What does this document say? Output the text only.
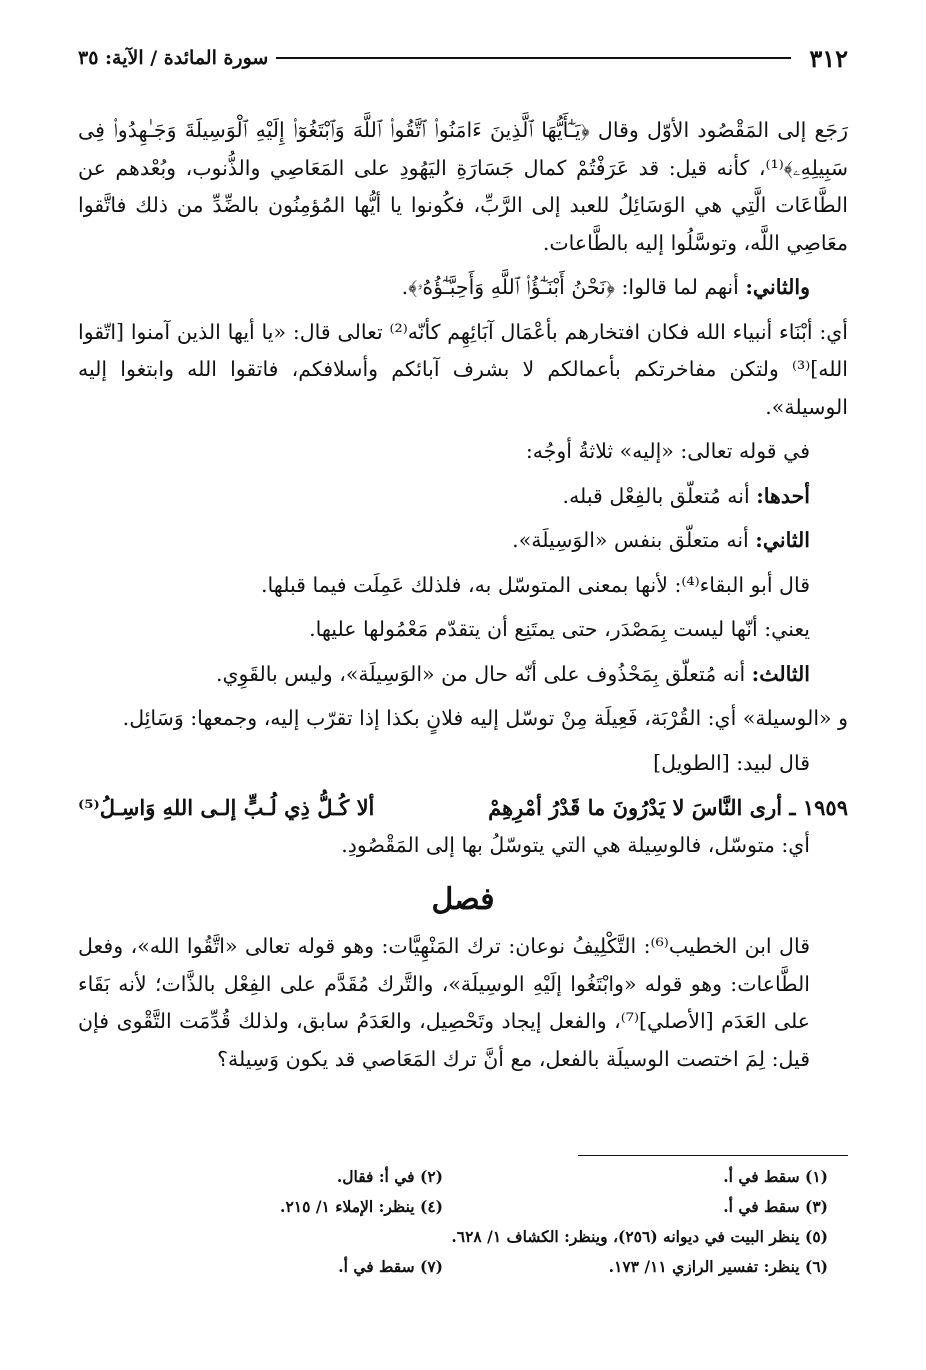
٣١٢
سورة المائدة / الآية: ٣٥

رَجَع إلى المَقْصُود الأوّل وقال ﴿يَـٰٓأَيُّهَا ٱلَّذِينَ ءَامَنُوا۟ ٱتَّقُوا۟ ٱللَّهَ وَٱبْتَغُوٓا۟ إِلَيْهِ ٱلْوَسِيلَةَ وَجَـٰهِدُوا۟ فِى سَبِيلِهِۦ﴾⁽¹⁾، كأنه قيل: قد عَرَفْتُمْ كمال جَسَارَةِ اليَهُودِ على المَعَاصِي والذُّنوب، وبُعْدهم عن الطَّاعَات الَّتِي هي الوَسَائِلُ للعبد إلى الرَّبِّ، فكُونوا يا أيُّها المُؤمِنُون بالضِّدِّ من ذلك فاتَّقوا معَاصِي اللَّه، وتوسَّلُوا إليه بالطَّاعات.

والثاني: أنهم لما قالوا: ﴿نَحْنُ أَبْنَـٰٓؤُا۟ ٱللَّهِ وَأَحِبَّـٰٓؤُهُۥ﴾.

أي: أبْنَاء أنبياء الله فكان افتخارهم بأعْمَال آبَائِهِم كأنّه⁽²⁾ تعالى قال: «يا أيها الذين آمنوا [اتّقوا الله]⁽³⁾ ولتكن مفاخرتكم بأعمالكم لا بشرف آبائكم وأسلافكم، فاتقوا الله وابتغوا إليه الوسيلة».

في قوله تعالى: «إليه» ثلاثةُ أوجُه:

أحدها: أنه مُتعلّق بالفِعْل قبله.

الثاني: أنه متعلّق بنفس «الوَسِيلَة».

قال أبو البقاء⁽⁴⁾: لأنها بمعنى المتوسّل به، فلذلك عَمِلَت فيما قبلها.

يعني: أنّها ليست بِمَصْدَر، حتى يمتَنِع أن يتقدّم مَعْمُولها عليها.

الثالث: أنه مُتعلّق بِمَحْذُوف على أنّه حال من «الوَسِيلَة»، وليس بالقَوِي.

و «الوسيلة» أي: القُرْبَة، فَعِيلَة مِنْ توسّل إليه فلانٍ بكذا إذا تقرّب إليه، وجمعها: وَسَائِل.

قال لبيد: [الطويل]

١٩٥٩ ـ أرى النَّاسَ لا يَدْرُونَ ما قَدْرُ أمْرِهِمْ
ألا كُـلُّ ذِي لُـبٍّ إلـى اللهِ وَاسِـلُ⁽⁵⁾

أي: متوسّل، فالوسِيلة هي التي يتوسّلُ بها إلى المَقْصُودِ.

فصل

قال ابن الخطيب⁽⁶⁾: التَّكْلِيفُ نوعان: ترك المَنْهِيَّات: وهو قوله تعالى «اتَّقُوا الله»، وفعل الطَّاعات: وهو قوله «وابْتَغُوا إلَيْهِ الوسِيلَة»، والتَّرك مُقَدَّم على الفِعْل بالذَّات؛ لأنه بَقَاء على العَدَم [الأصلي]⁽⁷⁾، والفعل إيجاد وتَحْصِيل، والعَدَمُ سابق، ولذلك قُدِّمَت التَّقْوى فإن قيل: لِمَ اختصت الوسيلَة بالفعل، مع أنَّ ترك المَعَاصي قد يكون وَسِيلة؟

(١) سقط في أ.
(٢) في أ: فقال.
(٣) سقط في أ.
(٤) ينظر: الإملاء ١/ ٢١٥.
(٥) ينظر البيت في ديوانه (٢٥٦)، وينظر: الكشاف ١/ ٦٢٨.
(٦) ينظر: تفسير الرازي ١١/ ١٧٣.
(٧) سقط في أ.
